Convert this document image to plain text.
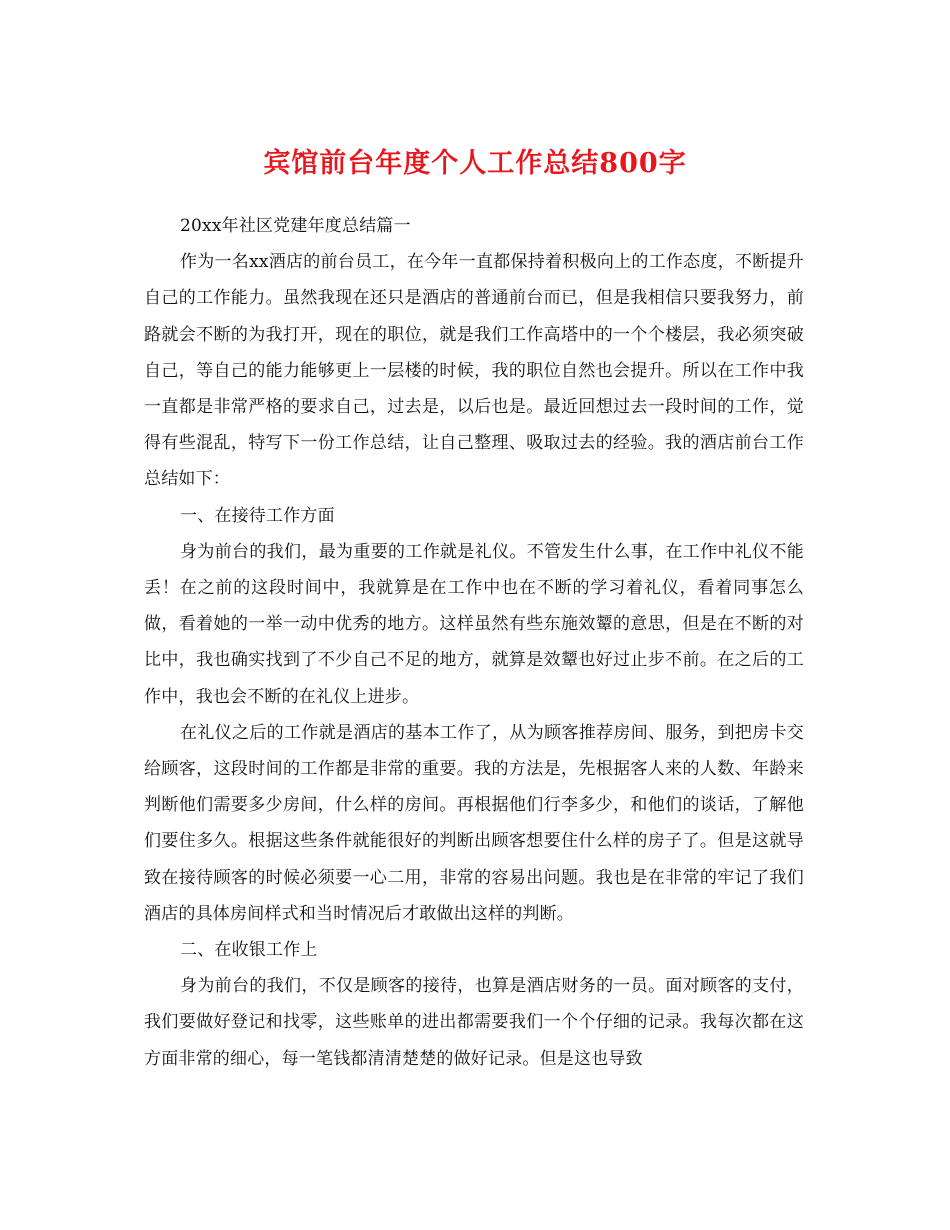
宾馆前台年度个人工作总结800字

20xx年社区党建年度总结篇一

作为一名xx酒店的前台员工，在今年一直都保持着积极向上的工作态度，不断提升自己的工作能力。虽然我现在还只是酒店的普通前台而已，但是我相信只要我努力，前路就会不断的为我打开，现在的职位，就是我们工作高塔中的一个个楼层，我必须突破自己，等自己的能力能够更上一层楼的时候，我的职位自然也会提升。所以在工作中我一直都是非常严格的要求自己，过去是，以后也是。最近回想过去一段时间的工作，觉得有些混乱，特写下一份工作总结，让自己整理、吸取过去的经验。我的酒店前台工作总结如下：

一、在接待工作方面

身为前台的我们，最为重要的工作就是礼仪。不管发生什么事，在工作中礼仪不能丢！在之前的这段时间中，我就算是在工作中也在不断的学习着礼仪，看着同事怎么做，看着她的一举一动中优秀的地方。这样虽然有些东施效颦的意思，但是在不断的对比中，我也确实找到了不少自己不足的地方，就算是效颦也好过止步不前。在之后的工作中，我也会不断的在礼仪上进步。

在礼仪之后的工作就是酒店的基本工作了，从为顾客推荐房间、服务，到把房卡交给顾客，这段时间的工作都是非常的重要。我的方法是，先根据客人来的人数、年龄来判断他们需要多少房间，什么样的房间。再根据他们行李多少，和他们的谈话，了解他们要住多久。根据这些条件就能很好的判断出顾客想要住什么样的房子了。但是这就导致在接待顾客的时候必须要一心二用，非常的容易出问题。我也是在非常的牢记了我们酒店的具体房间样式和当时情况后才敢做出这样的判断。

二、在收银工作上

身为前台的我们，不仅是顾客的接待，也算是酒店财务的一员。面对顾客的支付，我们要做好登记和找零，这些账单的进出都需要我们一个个仔细的记录。我每次都在这方面非常的细心，每一笔钱都清清楚楚的做好记录。但是这也导致
